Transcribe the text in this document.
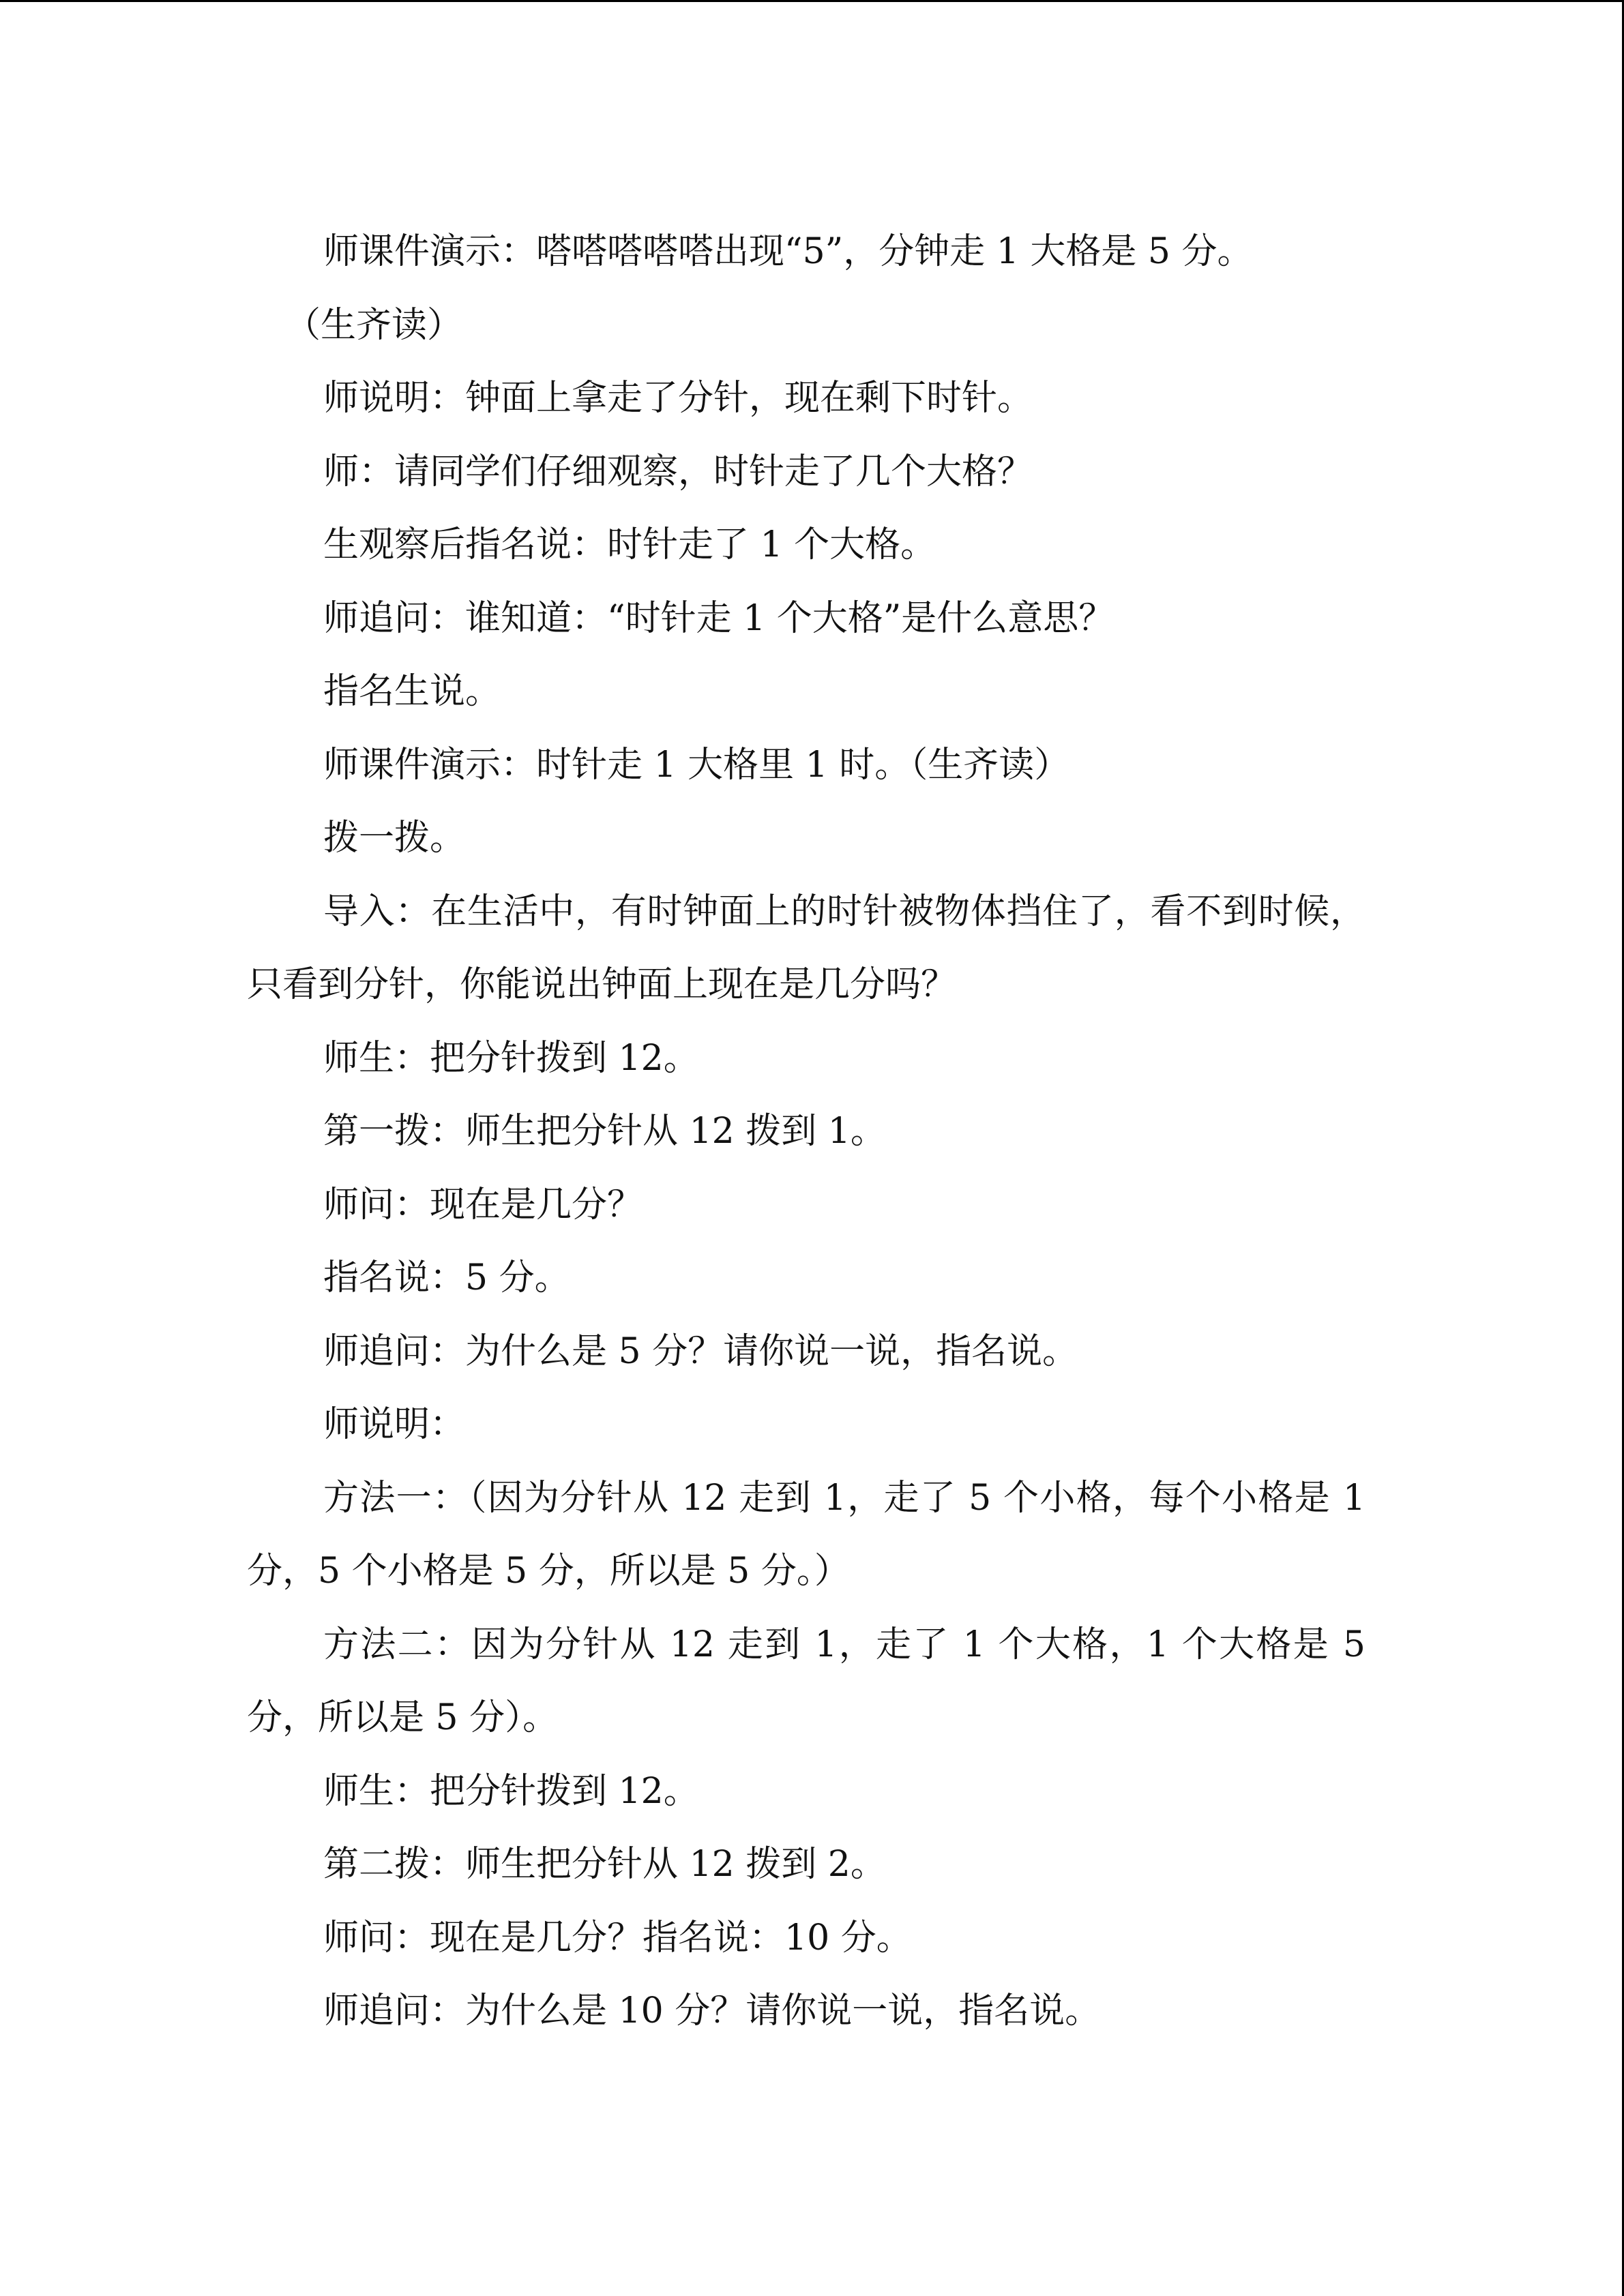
师课件演示：嗒嗒嗒嗒嗒出现“5”，分钟走 1 大格是 5 分。

（生齐读）

师说明：钟面上拿走了分针，现在剩下时针。

师：请同学们仔细观察，时针走了几个大格？

生观察后指名说：时针走了 1 个大格。

师追问：谁知道：“时针走 1 个大格”是什么意思？

指名生说。

师课件演示：时针走 1 大格里 1 时。（生齐读）

拨一拨。

导入：在生活中，有时钟面上的时针被物体挡住了，看不到时候，只看到分针，你能说出钟面上现在是几分吗？

师生：把分针拨到 12。

第一拨：师生把分针从 12 拨到 1。

师问：现在是几分？

指名说：5 分。

师追问：为什么是 5 分？请你说一说，指名说。

师说明：

方法一：（因为分针从 12 走到 1，走了 5 个小格，每个小格是 1 分，5 个小格是 5 分，所以是 5 分。）

方法二：因为分针从 12 走到 1，走了 1 个大格，1 个大格是 5 分，所以是 5 分）。

师生：把分针拨到 12。

第二拨：师生把分针从 12 拨到 2。

师问：现在是几分？指名说：10 分。

师追问：为什么是 10 分？请你说一说，指名说。
